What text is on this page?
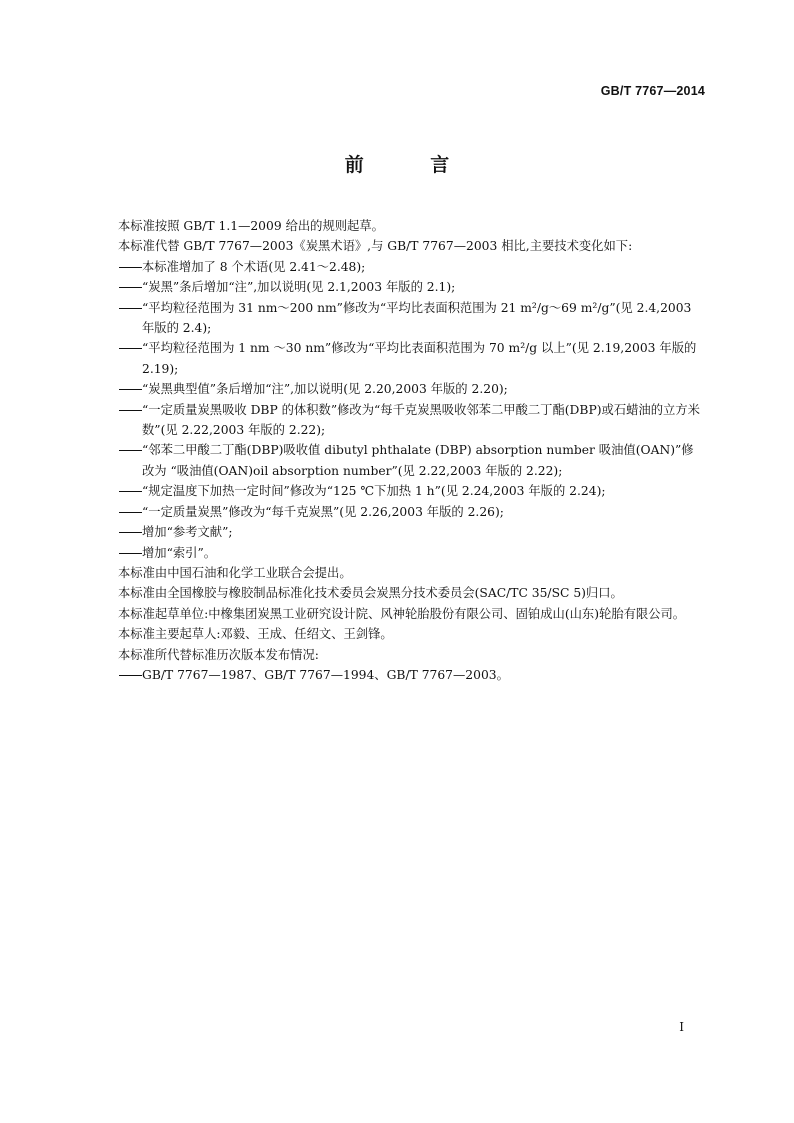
GB/T 7767—2014
前 言

本标准按照 GB/T 1.1—2009 给出的规则起草。

本标准代替 GB/T 7767—2003《炭黑术语》,与 GB/T 7767—2003 相比,主要技术变化如下:

本标准增加了 8 个术语(见 2.41～2.48);

“炭黑”条后增加“注”,加以说明(见 2.1,2003 年版的 2.1);

“平均粒径范围为 31 nm～200 nm”修改为“平均比表面积范围为 21 m²/g～69 m²/g”(见 2.4,2003 年版的 2.4);

“平均粒径范围为 1 nm ～30 nm”修改为“平均比表面积范围为 70 m²/g 以上”(见 2.19,2003 年版的 2.19);

“炭黑典型值”条后增加“注”,加以说明(见 2.20,2003 年版的 2.20);

“一定质量炭黑吸收 DBP 的体积数”修改为“每千克炭黑吸收邻苯二甲酸二丁酯(DBP)或石蜡油的立方米数”(见 2.22,2003 年版的 2.22);

“邻苯二甲酸二丁酯(DBP)吸收值 dibutyl phthalate (DBP) absorption number 吸油值(OAN)”修改为 “吸油值(OAN)oil absorption number”(见 2.22,2003 年版的 2.22);

“规定温度下加热一定时间”修改为“125 ℃下加热 1 h”(见 2.24,2003 年版的 2.24);

“一定质量炭黑”修改为“每千克炭黑”(见 2.26,2003 年版的 2.26);

增加“参考文献”;

增加“索引”。

本标准由中国石油和化学工业联合会提出。

本标准由全国橡胶与橡胶制品标准化技术委员会炭黑分技术委员会(SAC/TC 35/SC 5)归口。

本标准起草单位:中橡集团炭黑工业研究设计院、风神轮胎股份有限公司、固铂成山(山东)轮胎有限公司。

本标准主要起草人:邓毅、王成、任绍文、王剑锋。

本标准所代替标准历次版本发布情况:

GB/T 7767—1987、GB/T 7767—1994、GB/T 7767—2003。

I
